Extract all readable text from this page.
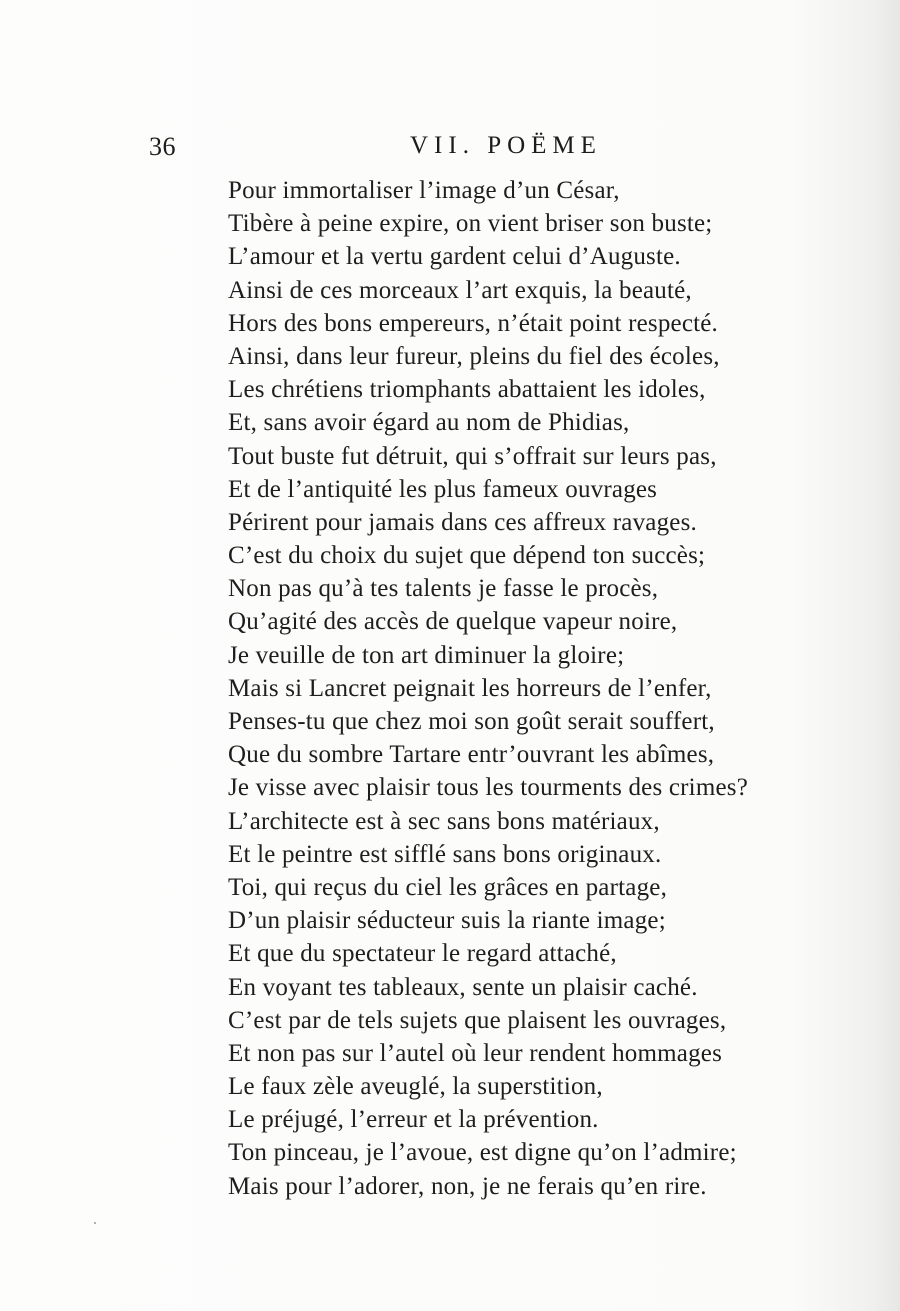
36	VII. POËME
Pour immortaliser l’image d’un César,
Tibère à peine expire, on vient briser son buste;
L’amour et la vertu gardent celui d’Auguste.
Ainsi de ces morceaux l’art exquis, la beauté,
Hors des bons empereurs, n’était point respecté.
Ainsi, dans leur fureur, pleins du fiel des écoles,
Les chrétiens triomphants abattaient les idoles,
Et, sans avoir égard au nom de Phidias,
Tout buste fut détruit, qui s’offrait sur leurs pas,
Et de l’antiquité les plus fameux ouvrages
Périrent pour jamais dans ces affreux ravages.
C’est du choix du sujet que dépend ton succès;
Non pas qu’à tes talents je fasse le procès,
Qu’agité des accès de quelque vapeur noire,
Je veuille de ton art diminuer la gloire;
Mais si Lancret peignait les horreurs de l’enfer,
Penses-tu que chez moi son goût serait souffert,
Que du sombre Tartare entr’ouvrant les abîmes,
Je visse avec plaisir tous les tourments des crimes?
L’architecte est à sec sans bons matériaux,
Et le peintre est sifflé sans bons originaux.
Toi, qui reçus du ciel les grâces en partage,
D’un plaisir séducteur suis la riante image;
Et que du spectateur le regard attaché,
En voyant tes tableaux, sente un plaisir caché.
C’est par de tels sujets que plaisent les ouvrages,
Et non pas sur l’autel où leur rendent hommages
Le faux zèle aveuglé, la superstition,
Le préjugé, l’erreur et la prévention.
Ton pinceau, je l’avoue, est digne qu’on l’admire;
Mais pour l’adorer, non, je ne ferais qu’en rire.
